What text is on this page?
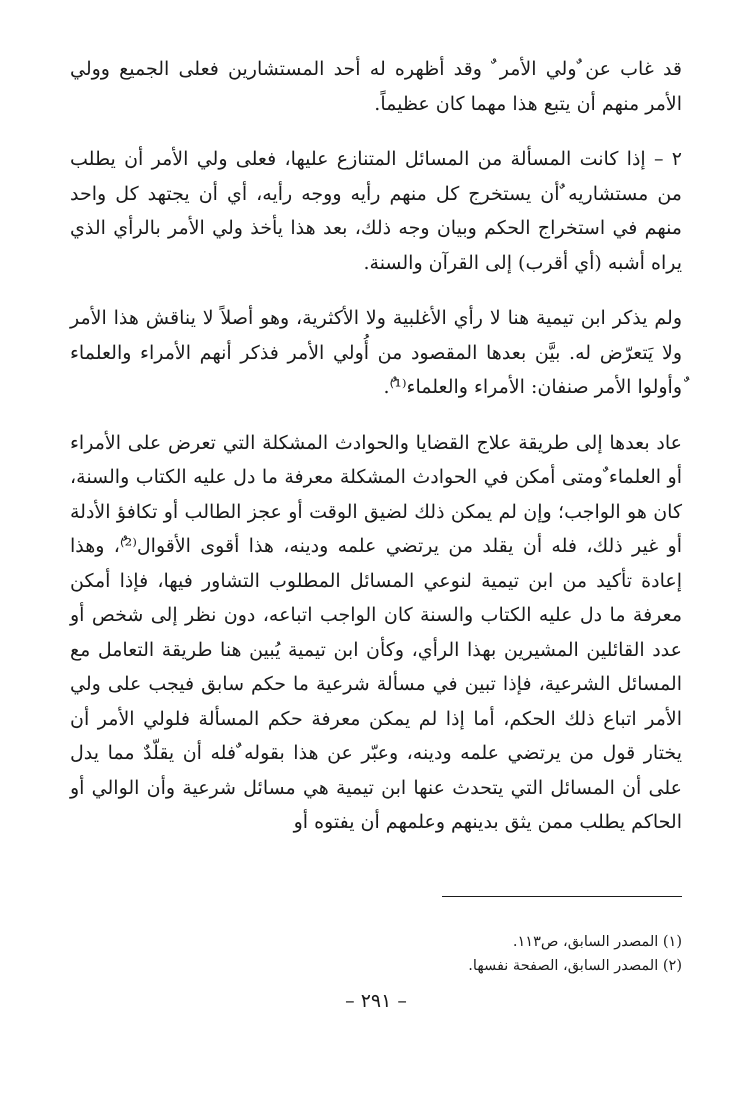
قد غاب عن ٌولي الأمر ٌ وقد أظهره له أحد المستشارين فعلى الجميع وولي الأمر منهم أن يتبع هذا مهما كان عظيماً.

٢ – إذا كانت المسألة من المسائل المتنازع عليها، فعلى ولي الأمر أن يطلب من مستشاريه ٌأن يستخرج كل منهم رأيه ووجه رأيه، أي أن يجتهد كل واحد منهم في استخراج الحكم وبيان وجه ذلك، بعد هذا يأخذ ولي الأمر بالرأي الذي يراه أشبه (أي أقرب) إلى القرآن والسنة.

ولم يذكر ابن تيمية هنا لا رأي الأغلبية ولا الأكثرية، وهو أصلاً لا يناقش هذا الأمر ولا يَتعرّض له. بيَّن بعدها المقصود من أُولي الأمر فذكر أنهم الأمراء والعلماء ٌوأولوا الأمر صنفان: الأمراء والعلماء⁽¹⁾ٌ.

عاد بعدها إلى طريقة علاج القضايا والحوادث المشكلة التي تعرض على الأمراء أو العلماء ٌومتى أمكن في الحوادث المشكلة معرفة ما دل عليه الكتاب والسنة، كان هو الواجب؛ وإن لم يمكن ذلك لضيق الوقت أو عجز الطالب أو تكافؤ الأدلة أو غير ذلك، فله أن يقلد من يرتضي علمه ودينه، هذا أقوى الأقوال⁽²⁾ٌ، وهذا إعادة تأكيد من ابن تيمية لنوعي المسائل المطلوب التشاور فيها، فإذا أمكن معرفة ما دل عليه الكتاب والسنة كان الواجب اتباعه، دون نظر إلى شخص أو عدد القائلين المشيرين بهذا الرأي، وكأن ابن تيمية يُبين هنا طريقة التعامل مع المسائل الشرعية، فإذا تبين في مسألة شرعية ما حكم سابق فيجب على ولي الأمر اتباع ذلك الحكم، أما إذا لم يمكن معرفة حكم المسألة فلولي الأمر أن يختار قول من يرتضي علمه ودينه، وعبّر عن هذا بقوله ٌفله أن يقلّدٌ مما يدل على أن المسائل التي يتحدث عنها ابن تيمية هي مسائل شرعية وأن الوالي أو الحاكم يطلب ممن يثق بدينهم وعلمهم أن يفتوه أو

(١) المصدر السابق، ص١١٣.

(٢) المصدر السابق، الصفحة نفسها.

– ٢٩١ –
